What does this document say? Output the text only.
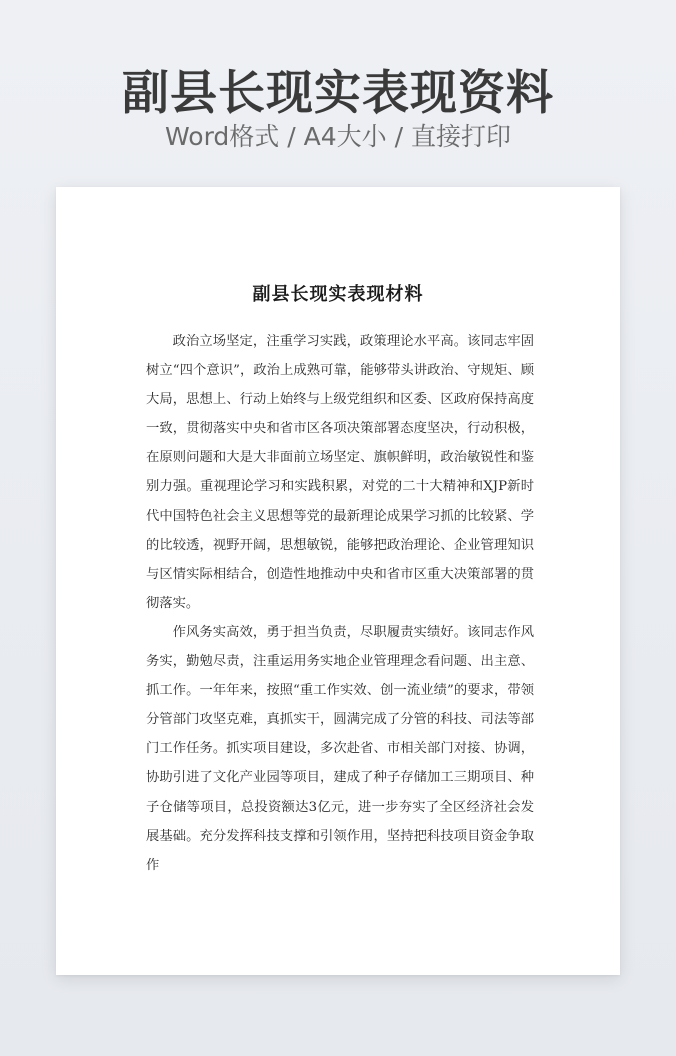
副县长现实表现资料
Word格式 / A4大小 / 直接打印
副县长现实表现材料

政治立场坚定，注重学习实践，政策理论水平高。该同志牢固树立“四个意识”，政治上成熟可靠，能够带头讲政治、守规矩、顾大局，思想上、行动上始终与上级党组织和区委、区政府保持高度一致，贯彻落实中央和省市区各项决策部署态度坚决，行动积极，在原则问题和大是大非面前立场坚定、旗帜鲜明，政治敏锐性和鉴别力强。重视理论学习和实践积累，对党的二十大精神和XJP新时代中国特色社会主义思想等党的最新理论成果学习抓的比较紧、学的比较透，视野开阔，思想敏锐，能够把政治理论、企业管理知识与区情实际相结合，创造性地推动中央和省市区重大决策部署的贯彻落实。

作风务实高效，勇于担当负责，尽职履责实绩好。该同志作风务实，勤勉尽责，注重运用务实地企业管理理念看问题、出主意、抓工作。一年年来，按照“重工作实效、创一流业绩”的要求，带领分管部门攻坚克难，真抓实干，圆满完成了分管的科技、司法等部门工作任务。抓实项目建设，多次赴省、市相关部门对接、协调，协助引进了文化产业园等项目，建成了种子存储加工三期项目、种子仓储等项目，总投资额达3亿元，进一步夯实了全区经济社会发展基础。充分发挥科技支撑和引领作用，坚持把科技项目资金争取作
